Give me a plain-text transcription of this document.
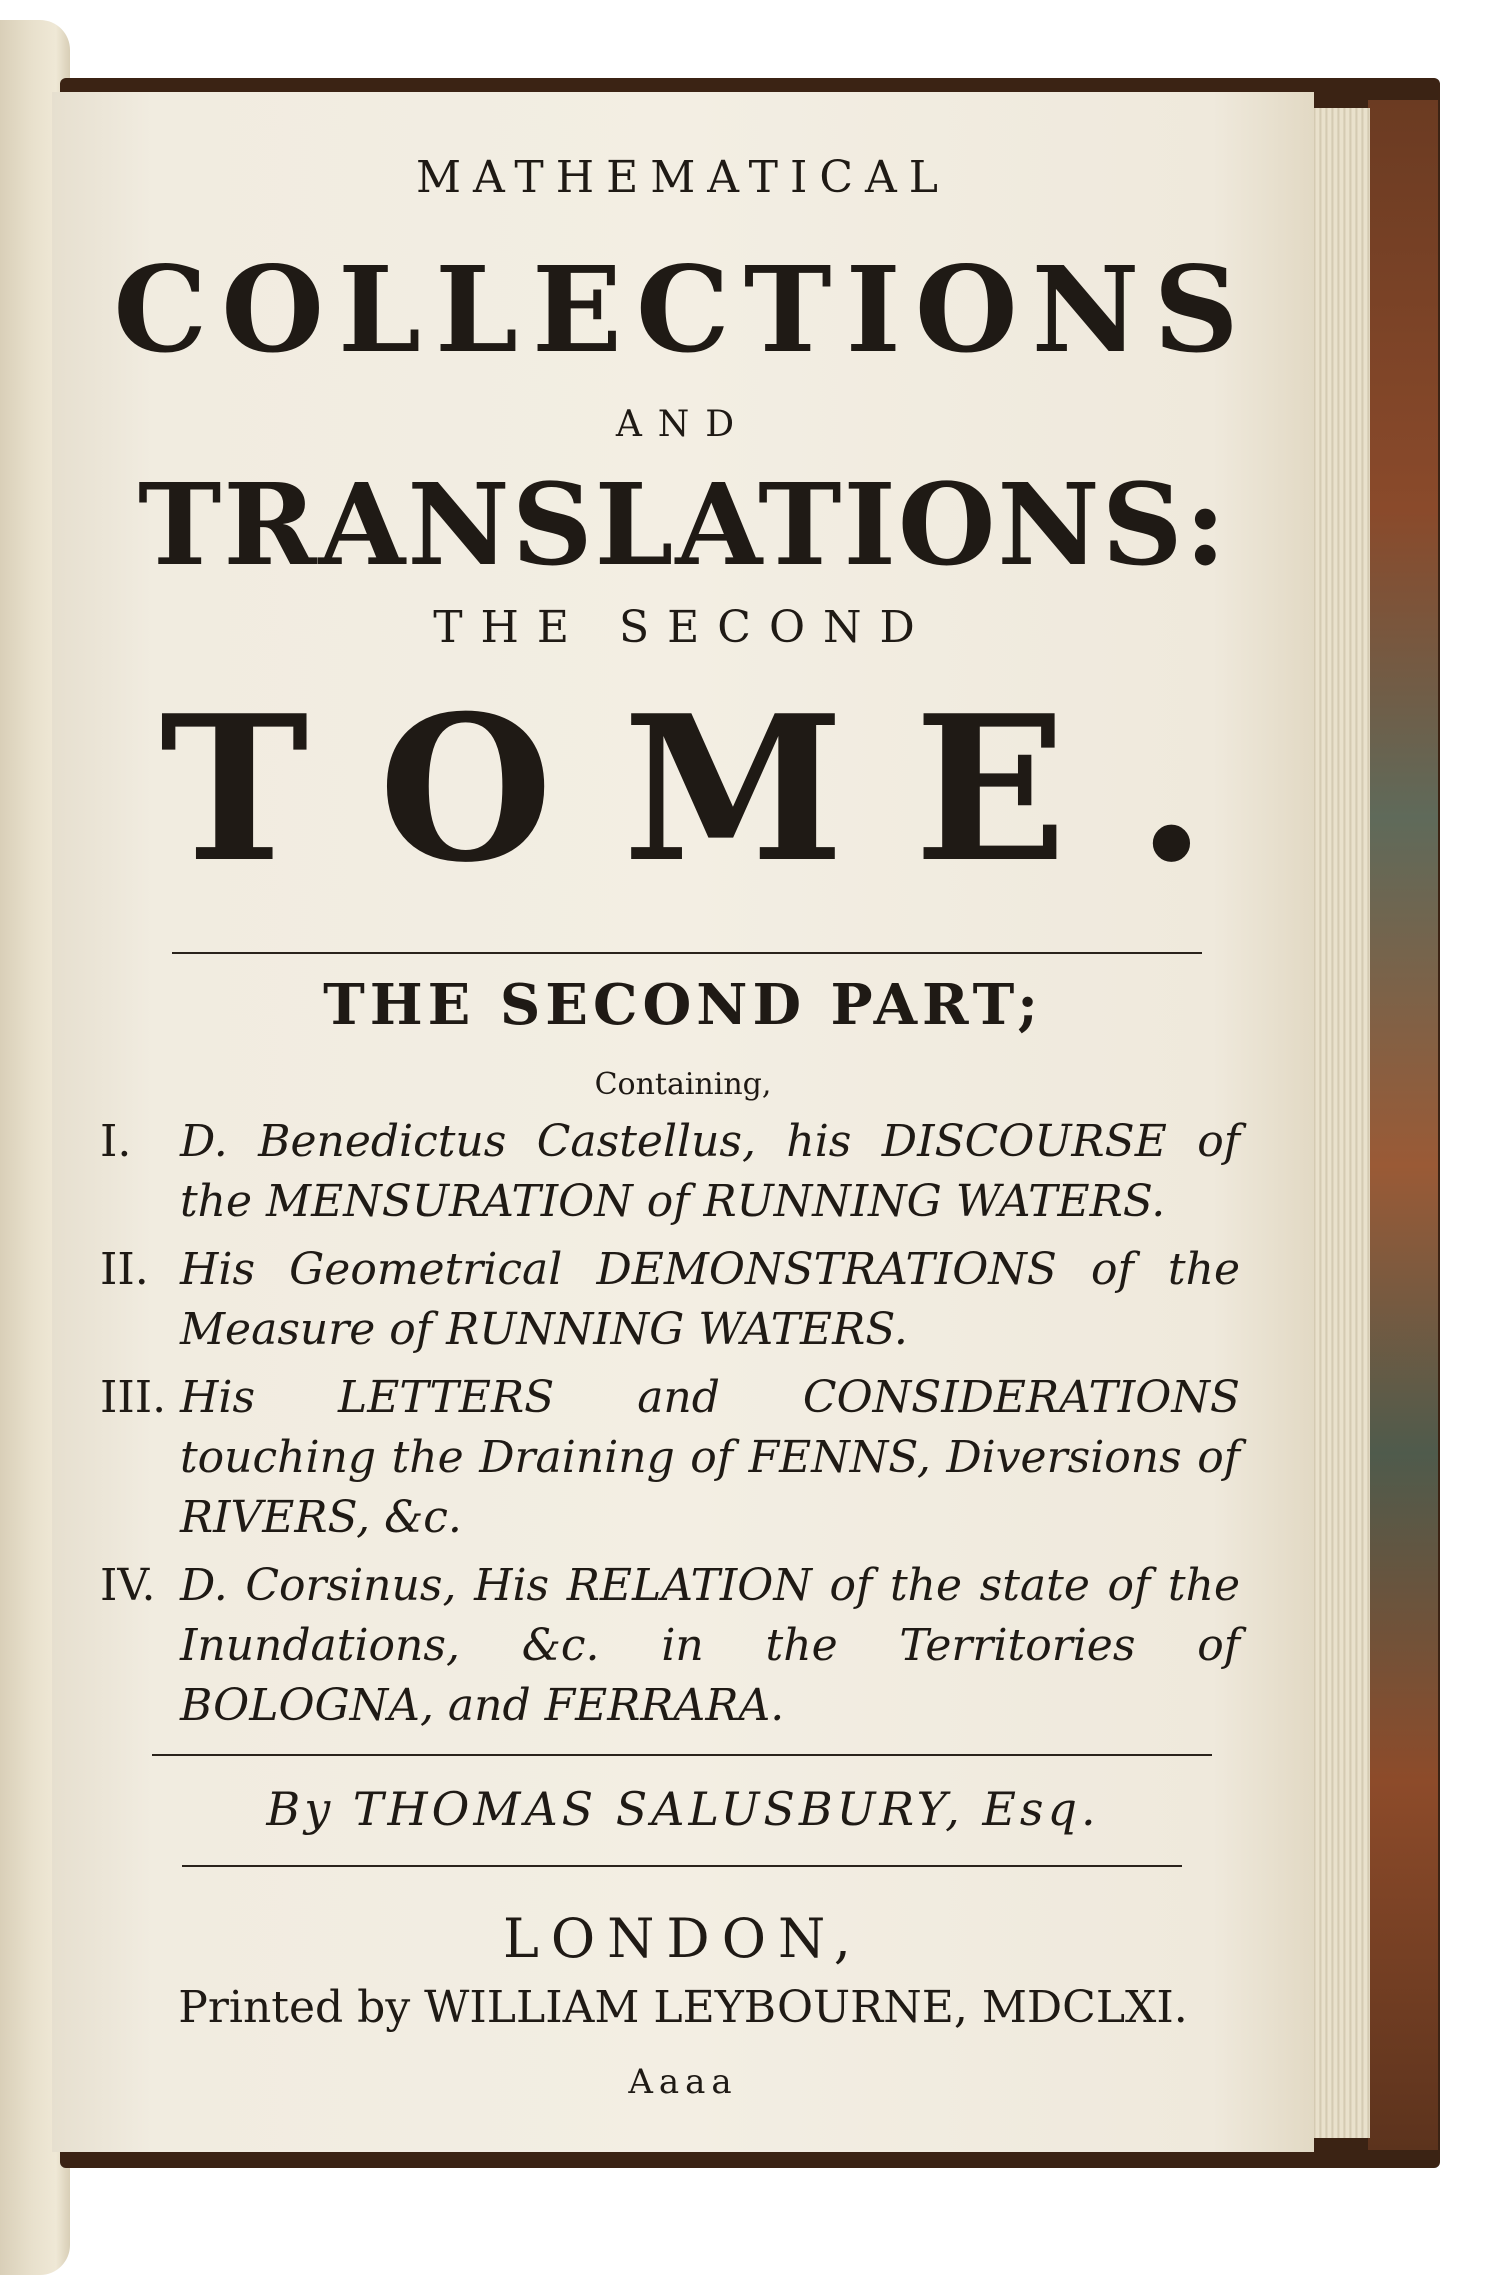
MATHEMATICAL
COLLECTIONS
AND
TRANSLATIONS:
THE SECOND
TOME.
THE SECOND PART;
Containing,
I.	D. Benedictus Castellus, his DISCOURSE of the MENSURATION of RUNNING WATERS.
II. His Geometrical DEMONSTRATIONS of the Measure of RUNNING WATERS.
III. His LETTERS and CONSIDERATIONS touching the Draining of FENNS, Diversions of RIVERS, &c.
IV. D. Corsinus, His RELATION of the state of the Inundations, &c. in the Territories of BOLOGNA, and FERRARA.
By THOMAS SALUSBURY, Esq.
LONDON,
Printed by WILLIAM LEYBOURNE, MDCLXI.
Aaaa
